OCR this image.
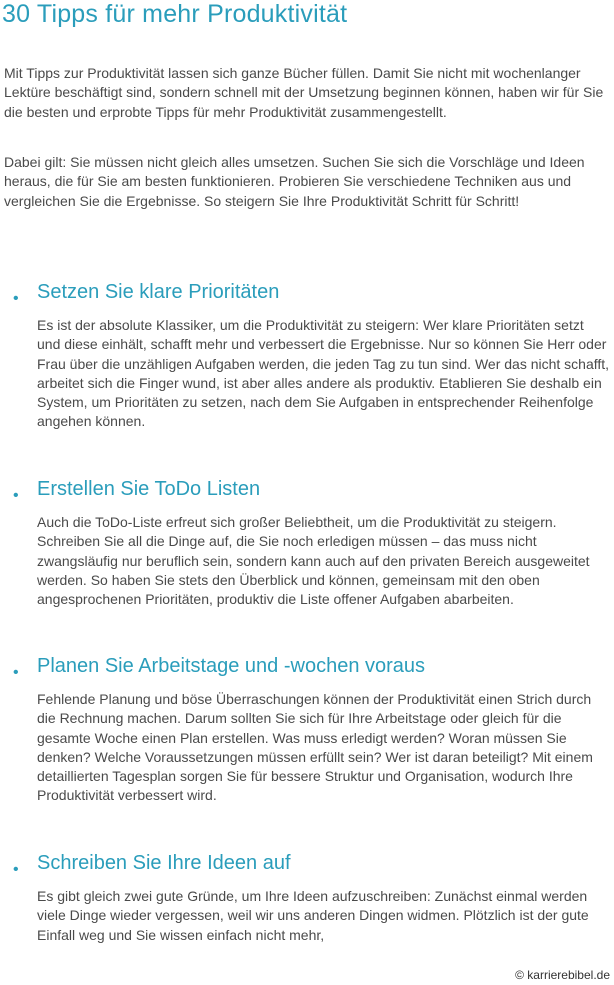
30 Tipps für mehr Produktivität

Mit Tipps zur Produktivität lassen sich ganze Bücher füllen. Damit Sie nicht mit wochenlanger Lektüre beschäftigt sind, sondern schnell mit der Umsetzung beginnen können, haben wir für Sie die besten und erprobte Tipps für mehr Produktivität zusammengestellt.

Dabei gilt: Sie müssen nicht gleich alles umsetzen. Suchen Sie sich die Vorschläge und Ideen heraus, die für Sie am besten funktionieren. Probieren Sie verschiedene Techniken aus und vergleichen Sie die Ergebnisse. So steigern Sie Ihre Produktivität Schritt für Schritt!

• Setzen Sie klare Prioritäten

Es ist der absolute Klassiker, um die Produktivität zu steigern: Wer klare Prioritäten setzt und diese einhält, schafft mehr und verbessert die Ergebnisse. Nur so können Sie Herr oder Frau über die unzähligen Aufgaben werden, die jeden Tag zu tun sind. Wer das nicht schafft, arbeitet sich die Finger wund, ist aber alles andere als produktiv. Etablieren Sie deshalb ein System, um Prioritäten zu setzen, nach dem Sie Aufgaben in entsprechender Reihenfolge angehen können.

• Erstellen Sie ToDo Listen

Auch die ToDo-Liste erfreut sich großer Beliebtheit, um die Produktivität zu steigern. Schreiben Sie all die Dinge auf, die Sie noch erledigen müssen – das muss nicht zwangsläufig nur beruflich sein, sondern kann auch auf den privaten Bereich ausgeweitet werden. So haben Sie stets den Überblick und können, gemeinsam mit den oben angesprochenen Prioritäten, produktiv die Liste offener Aufgaben abarbeiten.

• Planen Sie Arbeitstage und -wochen voraus

Fehlende Planung und böse Überraschungen können der Produktivität einen Strich durch die Rechnung machen. Darum sollten Sie sich für Ihre Arbeitstage oder gleich für die gesamte Woche einen Plan erstellen. Was muss erledigt werden? Woran müssen Sie denken? Welche Voraussetzungen müssen erfüllt sein? Wer ist daran beteiligt? Mit einem detaillierten Tagesplan sorgen Sie für bessere Struktur und Organisation, wodurch Ihre Produktivität verbessert wird.

• Schreiben Sie Ihre Ideen auf

Es gibt gleich zwei gute Gründe, um Ihre Ideen aufzuschreiben: Zunächst einmal werden viele Dinge wieder vergessen, weil wir uns anderen Dingen widmen. Plötzlich ist der gute Einfall weg und Sie wissen einfach nicht mehr,

© karrierebibel.de
